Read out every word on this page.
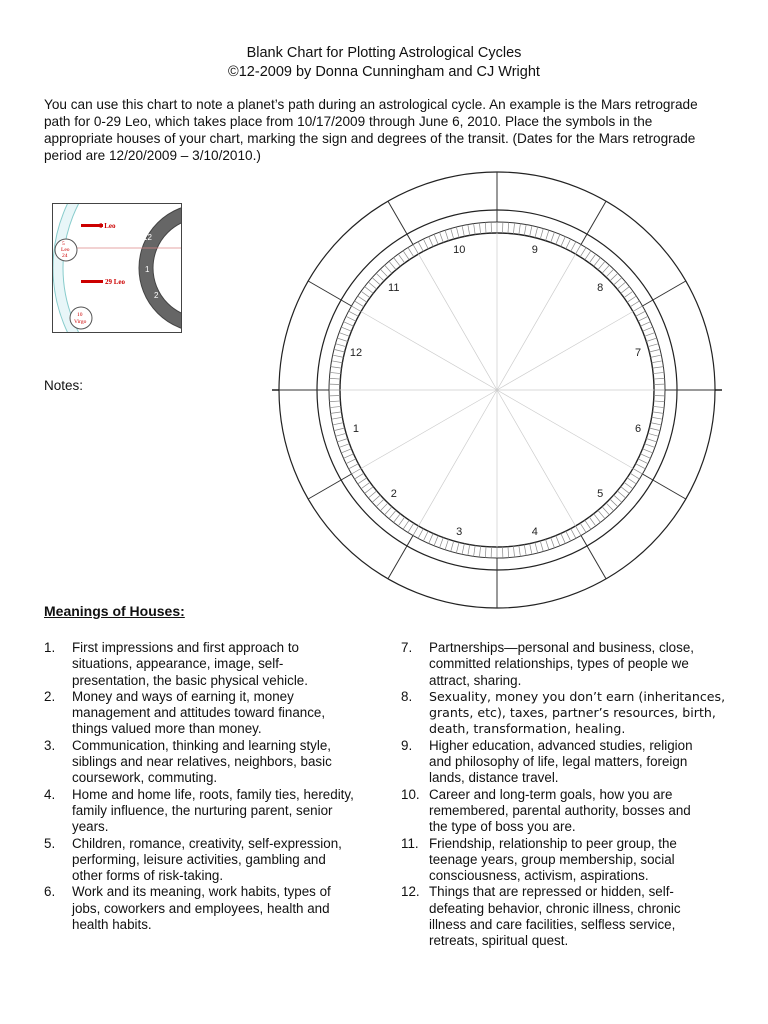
Blank Chart for Plotting Astrological Cycles
©12-2009 by Donna Cunningham and CJ Wright
You can use this chart to note a planet’s path during an astrological cycle. An example is the Mars retrograde
path for 0-29 Leo, which takes place from 10/17/2009 through June 6, 2010. Place the symbols in the
appropriate houses of your chart, marking the sign and degrees of the transit. (Dates for the Mars retrograde
period are 12/20/2009 – 3/10/2010.)
0 Leo
29 Leo
5
Leo
24
10
Virgo
11
12
1
2
Notes:
1
2
3	4
5
6
7
8
9
10
11
12
Meanings of Houses:
1.	First impressions and first approach to
situations, appearance, image, self-
presentation, the basic physical vehicle.
2.	Money and ways of earning it, money
management and attitudes toward finance,
things valued more than money.
3.	Communication, thinking and learning style,
siblings and near relatives, neighbors, basic
coursework, commuting.
4.	Home and home life, roots, family ties, heredity,
family influence, the nurturing parent, senior
years.
5.	Children, romance, creativity, self-expression,
performing, leisure activities, gambling and
other forms of risk-taking.
6.	Work and its meaning, work habits, types of
jobs, coworkers and employees, health and
health habits.
7.	Partnerships—personal and business, close,
committed relationships, types of people we
attract, sharing.
8.	Sexuality, money you don’t earn (inheritances,
grants, etc), taxes, partner’s resources, birth,
death, transformation, healing.
9.	Higher education, advanced studies, religion
and philosophy of life, legal matters, foreign
lands, distance travel.
10. Career and long-term goals, how you are
remembered, parental authority, bosses and
the type of boss you are.
11. Friendship, relationship to peer group, the
teenage years, group membership, social
consciousness, activism, aspirations.
12. Things that are repressed or hidden, self-
defeating behavior, chronic illness, chronic
illness and care facilities, selfless service,
retreats, spiritual quest.
